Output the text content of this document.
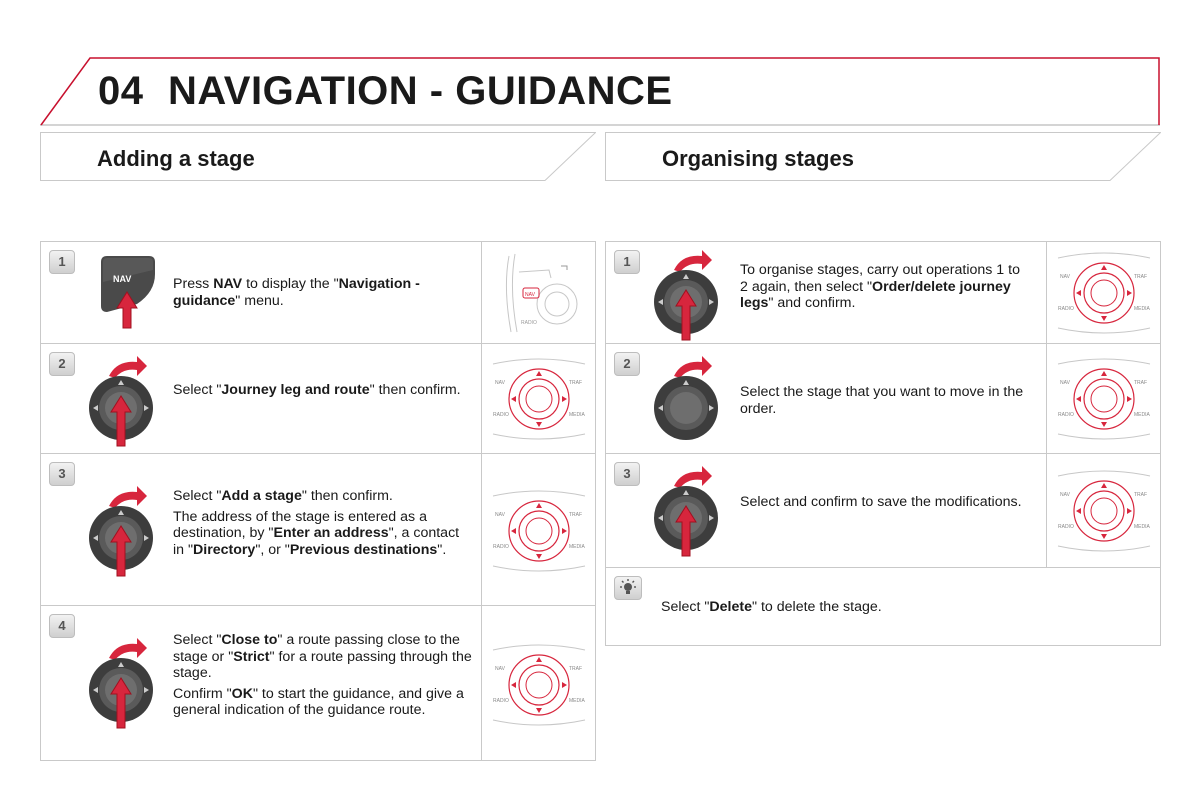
04 NAVIGATION - GUIDANCE
Adding a stage	Organising stages
1
NAV	Press NAV to display the "Navigation - guidance" menu.	NAV
RADIO
2

Select "Journey leg and route" then confirm.	NAV	TRAF
RADIO	MEDIA
3

Select "Add a stage" then confirm.

The address of the stage is entered as a destination, by "Enter an address", a contact in "Directory", or "Previous destinations".

NAV	TRAF
RADIO	MEDIA
4

Select "Close to" a route passing close to the stage or "Strict" for a route passing through the stage.

Confirm "OK" to start the guidance, and give a general indication of the guidance route.

NAV	TRAF
RADIO	MEDIA
1

To organise stages, carry out operations 1 to 2 again, then select "Order/delete journey legs" and confirm.

NAV	TRAF
RADIO	MEDIA
2
Select the stage that you want to move in the order.
NAV	TRAF
RADIO	MEDIA
3
Select and confirm to save the modifications.	NAV	TRAF
RADIO	MEDIA

Select "Delete" to delete the stage.
